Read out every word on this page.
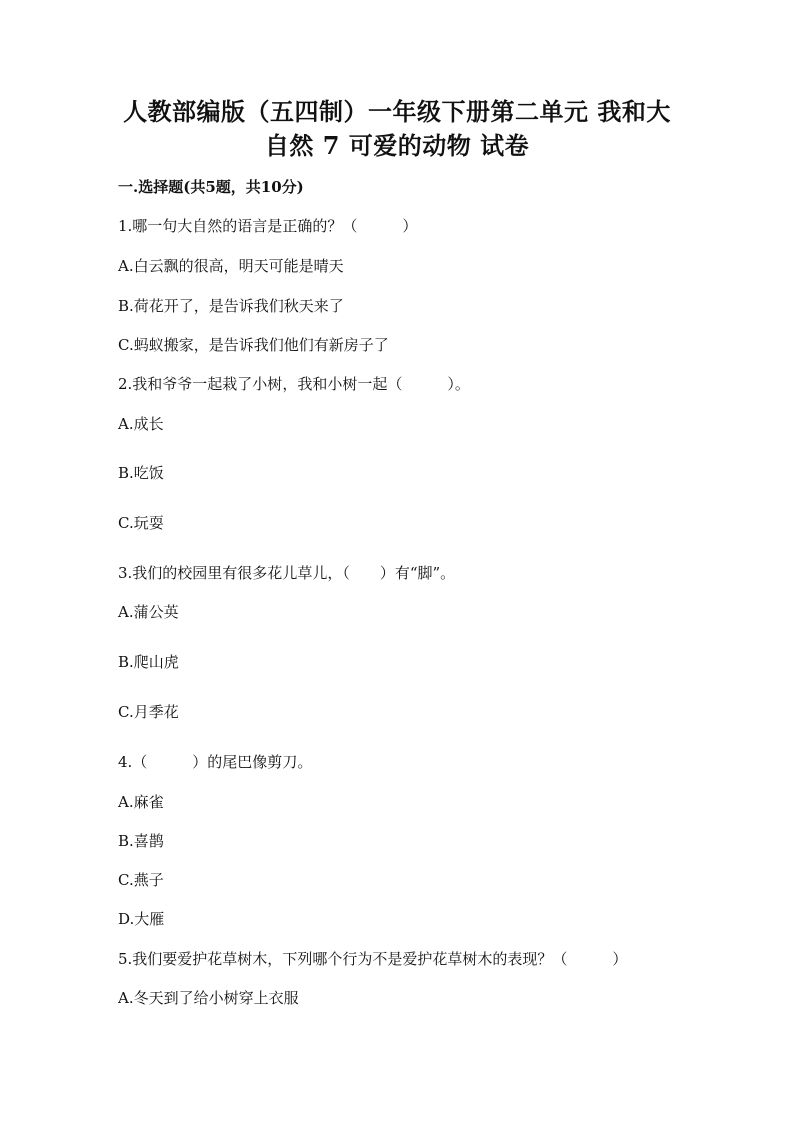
人教部编版（五四制）一年级下册第二单元 我和大
自然 7 可爱的动物 试卷
一.选择题(共5题，共10分)
1.哪一句大自然的语言是正确的？（　　　）
A.白云飘的很高，明天可能是晴天
B.荷花开了，是告诉我们秋天来了
C.蚂蚁搬家，是告诉我们他们有新房子了
2.我和爷爷一起栽了小树，我和小树一起（　　　）。
A.成长
B.吃饭
C.玩耍
3.我们的校园里有很多花儿草儿，（　　）有“脚”。
A.蒲公英
B.爬山虎
C.月季花
4.（　　　）的尾巴像剪刀。
A.麻雀
B.喜鹊
C.燕子
D.大雁
5.我们要爱护花草树木，下列哪个行为不是爱护花草树木的表现？（　　　）
A.冬天到了给小树穿上衣服
